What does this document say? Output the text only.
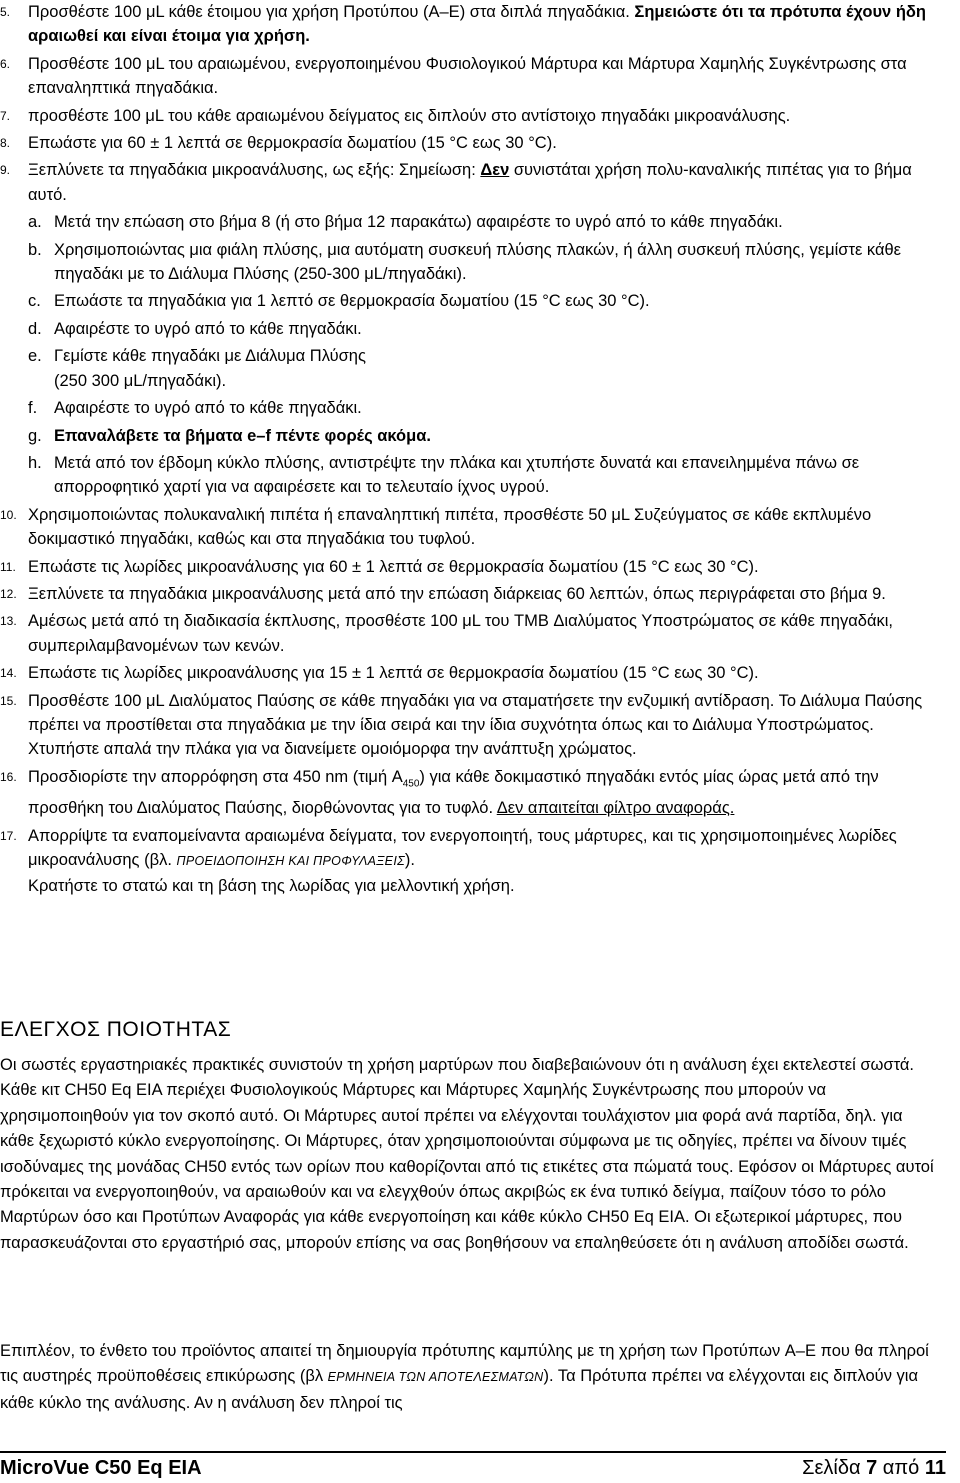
5. Προσθέστε 100 μL κάθε έτοιμου για χρήση Προτύπου (A–E) στα διπλά πηγαδάκια. Σημειώστε ότι τα πρότυπα έχουν ήδη αραιωθεί και είναι έτοιμα για χρήση.
6. Προσθέστε 100 μL του αραιωμένου, ενεργοποιημένου Φυσιολογικού Μάρτυρα και Μάρτυρα Χαμηλής Συγκέντρωσης στα επαναληπτικά πηγαδάκια.
7. προσθέστε 100 μL του κάθε αραιωμένου δείγματος εις διπλούν στο αντίστοιχο πηγαδάκι μικροανάλυσης.
8. Επωάστε για 60 ± 1 λεπτά σε θερμοκρασία δωματίου (15 °C εως 30 °C).
9. Ξεπλύνετε τα πηγαδάκια μικροανάλυσης, ως εξής: Σημείωση: Δεν συνιστάται χρήση πολυ-καναλικής πιπέτας για το βήμα αυτό.
a. Μετά την επώαση στο βήμα 8 (ή στο βήμα 12 παρακάτω) αφαιρέστε το υγρό από το κάθε πηγαδάκι.
b. Χρησιμοποιώντας μια φιάλη πλύσης, μια αυτόματη συσκευή πλύσης πλακών, ή άλλη συσκευή πλύσης, γεμίστε κάθε πηγαδάκι με το Διάλυμα Πλύσης (250-300 μL/πηγαδάκι).
c. Επωάστε τα πηγαδάκια για 1 λεπτό σε θερμοκρασία δωματίου (15 °C εως 30 °C).
d. Αφαιρέστε το υγρό από το κάθε πηγαδάκι.
e. Γεμίστε κάθε πηγαδάκι με Διάλυμα Πλύσης
(250 300 μL/πηγαδάκι).
f. Αφαιρέστε το υγρό από το κάθε πηγαδάκι.
g. Επαναλάβετε τα βήματα e–f πέντε φορές ακόμα.
h. Μετά από τον έβδομη κύκλο πλύσης, αντιστρέψτε την πλάκα και χτυπήστε δυνατά και επανειλημμένα πάνω σε απορροφητικό χαρτί για να αφαιρέσετε και το τελευταίο ίχνος υγρού.
10. Χρησιμοποιώντας πολυκαναλική πιπέτα ή επαναληπτική πιπέτα, προσθέστε 50 μL Συζεύγματος σε κάθε εκπλυμένο δοκιμαστικό πηγαδάκι, καθώς και στα πηγαδάκια του τυφλού.
11. Επωάστε τις λωρίδες μικροανάλυσης για 60 ± 1 λεπτά σε θερμοκρασία δωματίου (15 °C εως 30 °C).
12. Ξεπλύνετε τα πηγαδάκια μικροανάλυσης μετά από την επώαση διάρκειας 60 λεπτών, όπως περιγράφεται στο βήμα 9.
13. Αμέσως μετά από τη διαδικασία έκπλυσης, προσθέστε 100 μL του TMB Διαλύματος Υποστρώματος σε κάθε πηγαδάκι, συμπεριλαμβανομένων των κενών.
14. Επωάστε τις λωρίδες μικροανάλυσης για 15 ± 1 λεπτά σε θερμοκρασία δωματίου (15 °C εως 30 °C).
15. Προσθέστε 100 μL Διαλύματος Παύσης σε κάθε πηγαδάκι για να σταματήσετε την ενζυμική αντίδραση. Το Διάλυμα Παύσης πρέπει να προστίθεται στα πηγαδάκια με την ίδια σειρά και την ίδια συχνότητα όπως και το Διάλυμα Υποστρώματος. Χτυπήστε απαλά την πλάκα για να διανείμετε ομοιόμορφα την ανάπτυξη χρώματος.
16. Προσδιορίστε την απορρόφηση στα 450 nm (τιμή $A_{450}$) για κάθε δοκιμαστικό πηγαδάκι εντός μίας ώρας μετά από την προσθήκη του Διαλύματος Παύσης, διορθώνοντας για το τυφλό. Δεν απαιτείται φίλτρο αναφοράς.
17. Απορρίψτε τα εναπομείναντα αραιωμένα δείγματα, τον ενεργοποιητή, τους μάρτυρες, και τις χρησιμοποιημένες λωρίδες μικροανάλυσης (βλ. ΠΡΟΕΙΔΟΠΟΙΗΣΗ ΚΑΙ ΠΡΟΦΥΛΑΞΕΙΣ).
Κρατήστε το στατώ και τη βάση της λωρίδας για μελλοντική χρήση.
ΕΛΕΓΧΟΣ ΠΟΙΟΤΗΤΑΣ
Οι σωστές εργαστηριακές πρακτικές συνιστούν τη χρήση μαρτύρων που διαβεβαιώνουν ότι η ανάλυση έχει εκτελεστεί σωστά. Κάθε κιτ CH50 Eq EIA περιέχει Φυσιολογικούς Μάρτυρες και Μάρτυρες Χαμηλής Συγκέντρωσης που μπορούν να χρησιμοποιηθούν για τον σκοπό αυτό. Οι Μάρτυρες αυτοί πρέπει να ελέγχονται τουλάχιστον μια φορά ανά παρτίδα, δηλ. για κάθε ξεχωριστό κύκλο ενεργοποίησης. Οι Μάρτυρες, όταν χρησιμοποιούνται σύμφωνα με τις οδηγίες, πρέπει να δίνουν τιμές ισοδύναμες της μονάδας CH50 εντός των ορίων που καθορίζονται από τις ετικέτες στα πώματά τους. Εφόσον οι Μάρτυρες αυτοί πρόκειται να ενεργοποιηθούν, να αραιωθούν και να ελεγχθούν όπως ακριβώς εκ ένα τυπικό δείγμα, παίζουν τόσο το ρόλο Μαρτύρων όσο και Προτύπων Αναφοράς για κάθε ενεργοποίηση και κάθε κύκλο CH50 Eq EIA. Οι εξωτερικοί μάρτυρες, που παρασκευάζονται στο εργαστήριό σας, μπορούν επίσης να σας βοηθήσουν να επαληθεύσετε ότι η ανάλυση αποδίδει σωστά.
Επιπλέον, το ένθετο του προϊόντος απαιτεί τη δημιουργία πρότυπης καμπύλης με τη χρήση των Προτύπων A–E που θα πληροί τις αυστηρές προϋποθέσεις επικύρωσης (βλ ΕΡΜΗΝΕΙΑ ΤΩΝ ΑΠΟΤΕΛΕΣΜΑΤΩΝ). Τα Πρότυπα πρέπει να ελέγχονται εις διπλούν για κάθε κύκλο της ανάλυσης. Αν η ανάλυση δεν πληροί τις
MicroVue C50 Eq EIA	Σελίδα 7 από 11
